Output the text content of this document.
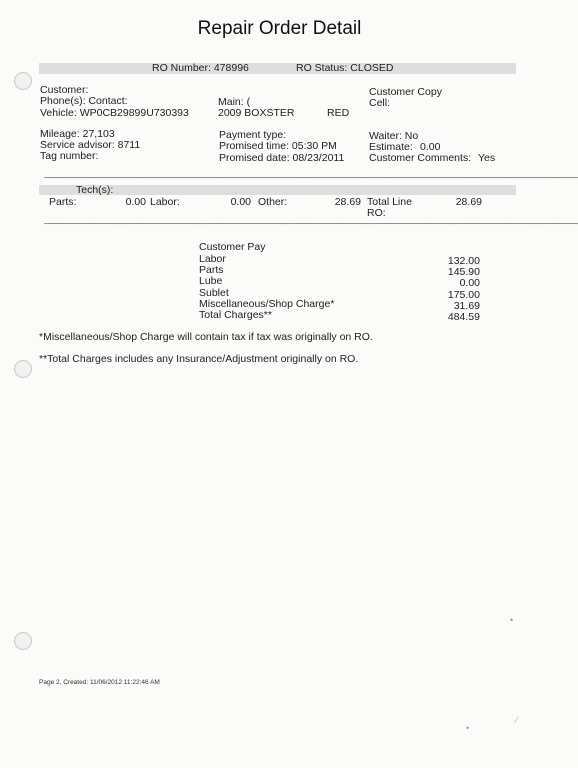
Repair Order Detail
RO Number: 478996	RO Status: CLOSED
Customer:
Phone(s): Contact:
Vehicle: WP0CB29899U730393
Main: (
2009 BOXSTER	RED
Customer Copy
Cell:
Mileage: 27,103
Service advisor: 8711
Tag number:
Payment type:
Promised time: 05:30 PM
Promised date: 08/23/2011
Waiter: No
Estimate: 0.00
Customer Comments: Yes
~~~~~~~~~~~~~~~~~~~~~~~~~~~~~~~~~~~~~~~~~~~~~~~~~~~~~~~~~~~~~~~~~~~~~~~~~~~~~~~~~~~~~~~~~~~~~~~~~~~~~~~~~~~~~~~~~~~~~~~~~~~~~~~~~~~~~~~~~~~~
Tech(s):
Parts:	0.00 Labor:	0.00 Other:	28.69 Total Line
RO:
28.69
~~~~~~~~~~~~~~~~~~~~~~~~~~~~~~~~~~~~~~~~~~~~~~~~~~~~~~~~~~~~~~~~~~~~~~~~~~~~~~~~~~~~~~~~~~~~~~~~~~~~~~~~~~~~~~~~~~~~~~~~~~~~~~~~~~~~~~~~~~~~
Customer Pay
Labor	132.00
Parts	145.90
Lube	0.00
Sublet	175.00
Miscellaneous/Shop Charge*	31.69
Total Charges**	484.59
*Miscellaneous/Shop Charge will contain tax if tax was originally on RO.
**Total Charges includes any Insurance/Adjustment originally on RO.
Page 2, Created: 11/06/2012 11:22:46 AM
•
•
⁄
